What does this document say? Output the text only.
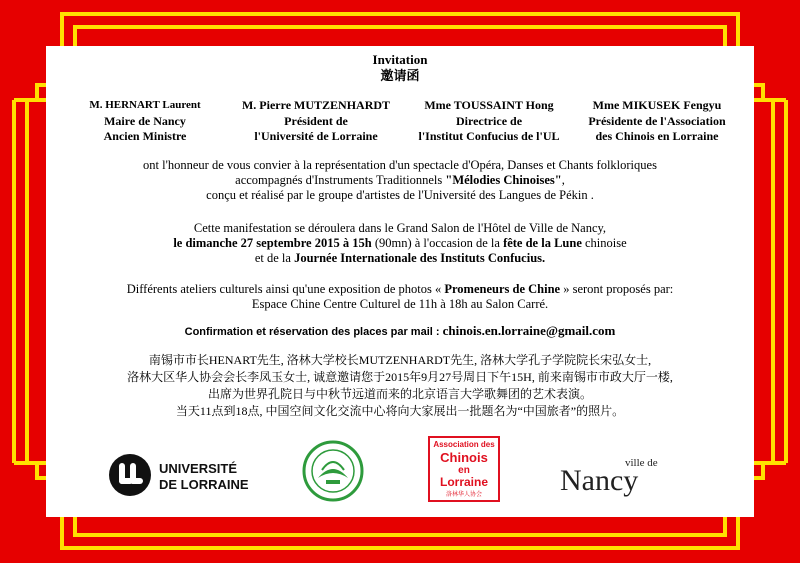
Invitation
邀请函
M. HERNART Laurent
Maire de Nancy
Ancien Ministre
M. Pierre MUTZENHARDT
Président de
l'Université de Lorraine
Mme TOUSSAINT Hong
Directrice de
l'Institut Confucius de l'UL
Mme MIKUSEK Fengyu
Présidente de l'Association
des Chinois en Lorraine
ont l'honneur de vous convier à la représentation d'un spectacle d'Opéra, Danses et Chants folkloriques
accompagnés d'Instruments Traditionnels "Mélodies Chinoises",
conçu et réalisé par le groupe d'artistes de l'Université des Langues de Pékin .
Cette manifestation se déroulera dans le Grand Salon de l'Hôtel de Ville de Nancy,
le dimanche 27 septembre 2015 à 15h (90mn) à l'occasion de la fête de la Lune chinoise
et de la Journée Internationale des Instituts Confucius.
Différents ateliers culturels ainsi qu'une exposition de photos « Promeneurs de Chine » seront proposés par:
Espace Chine Centre Culturel de 11h à 18h au Salon Carré.
Confirmation et réservation des places par mail : chinois.en.lorraine@gmail.com
南锡市市长HENART先生, 洛林大学校长MUTZENHARDT先生, 洛林大学孔子学院院长宋弘女士,
洛林大区华人协会会长李凤玉女士, 诚意邀请您于2015年9月27号周日下午15H, 前来南锡市市政大厅一楼,
出席为世界孔院日与中秋节远道而来的北京语言大学歌舞团的艺术表演。
当天11点到18点, 中国空间文化交流中心将向大家展出一批题名为“中国旅者”的照片。
UNIVERSITÉ
DE LORRAINE
Association des
Chinois
en
Lorraine
洛林华人协会
ville de
Nancy
